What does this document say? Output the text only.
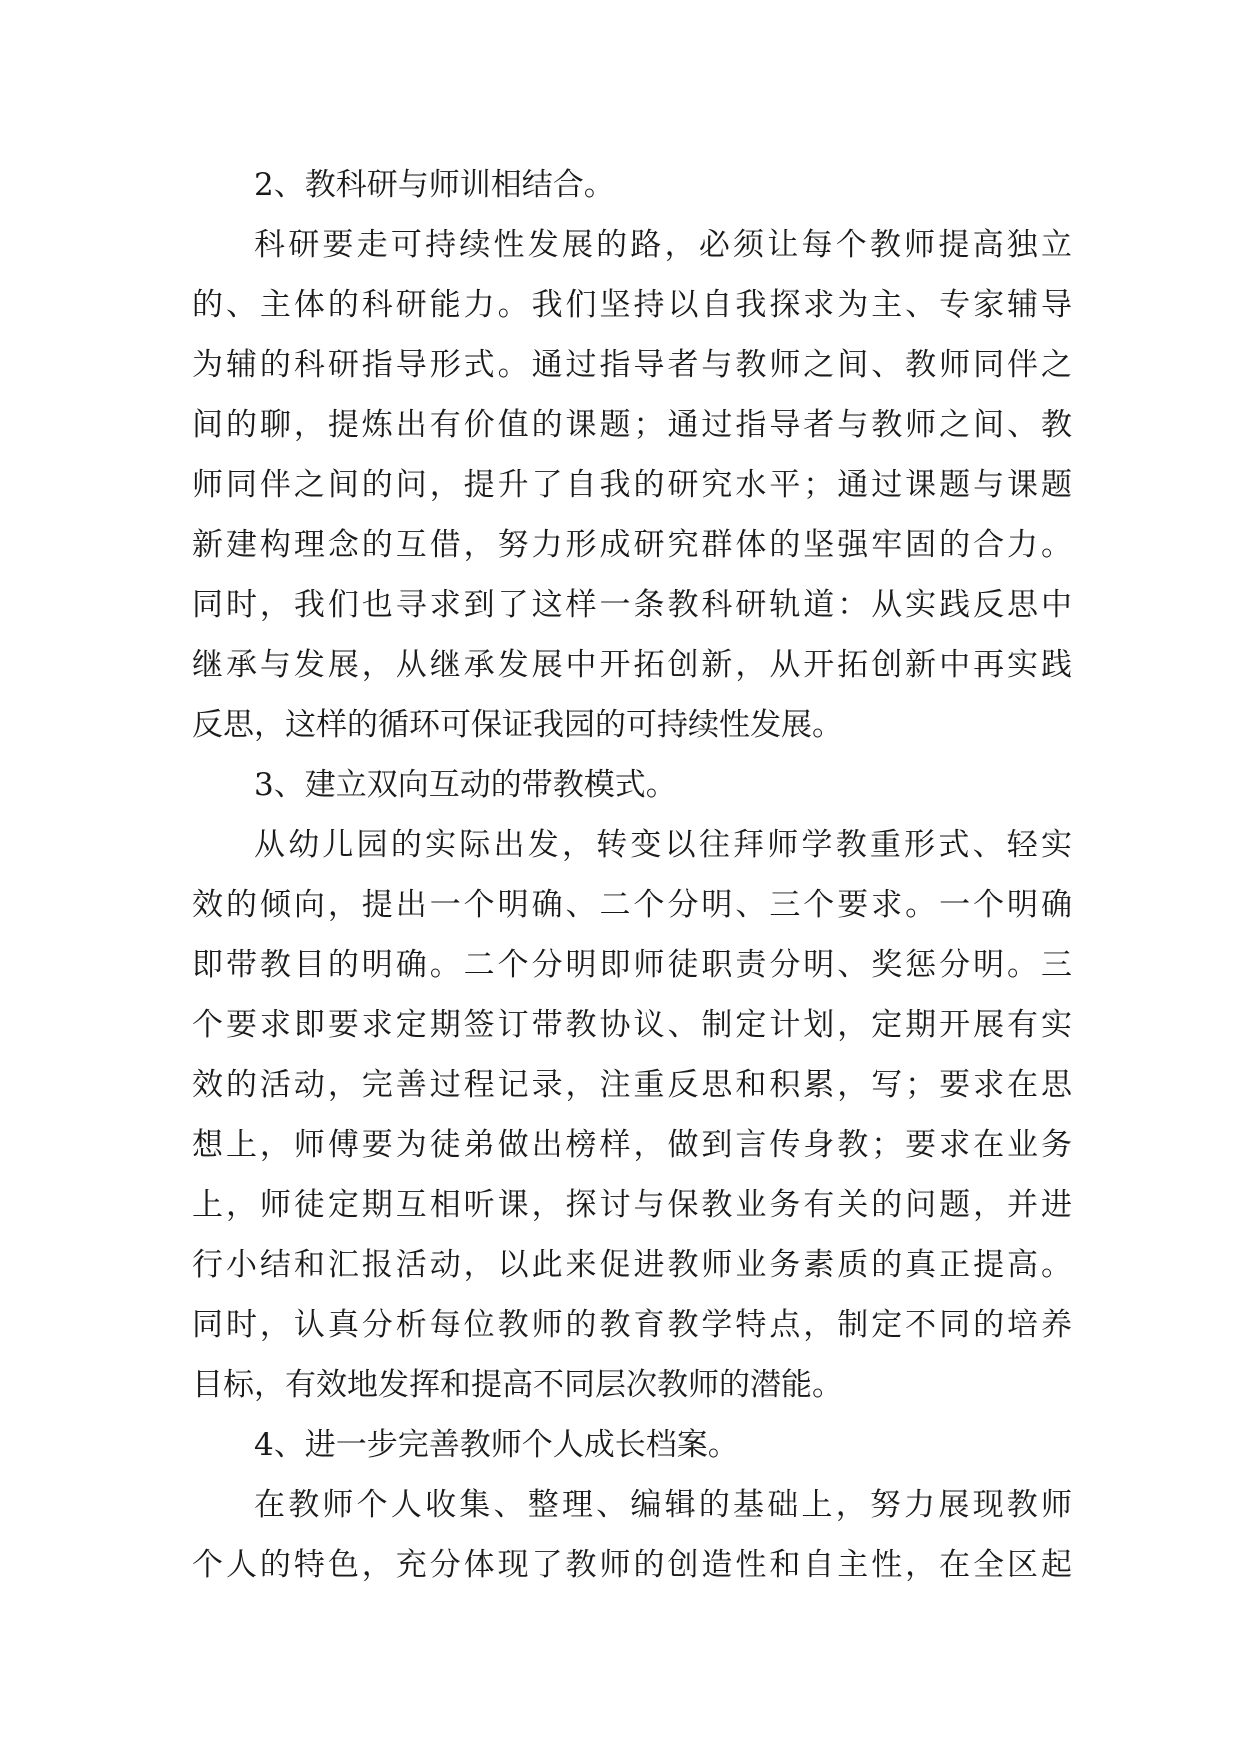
2、教科研与师训相结合。
科研要走可持续性发展的路，必须让每个教师提高独立
的、主体的科研能力。我们坚持以自我探求为主、专家辅导
为辅的科研指导形式。通过指导者与教师之间、教师同伴之
间的聊，提炼出有价值的课题；通过指导者与教师之间、教
师同伴之间的问，提升了自我的研究水平；通过课题与课题
新建构理念的互借，努力形成研究群体的坚强牢固的合力。
同时，我们也寻求到了这样一条教科研轨道：从实践反思中
继承与发展，从继承发展中开拓创新，从开拓创新中再实践
反思，这样的循环可保证我园的可持续性发展。
3、建立双向互动的带教模式。
从幼儿园的实际出发，转变以往拜师学教重形式、轻实
效的倾向，提出一个明确、二个分明、三个要求。一个明确
即带教目的明确。二个分明即师徒职责分明、奖惩分明。三
个要求即要求定期签订带教协议、制定计划，定期开展有实
效的活动，完善过程记录，注重反思和积累，写；要求在思
想上，师傅要为徒弟做出榜样，做到言传身教；要求在业务
上，师徒定期互相听课，探讨与保教业务有关的问题，并进
行小结和汇报活动，以此来促进教师业务素质的真正提高。
同时，认真分析每位教师的教育教学特点，制定不同的培养
目标，有效地发挥和提高不同层次教师的潜能。
4、进一步完善教师个人成长档案。
在教师个人收集、整理、编辑的基础上，努力展现教师
个人的特色，充分体现了教师的创造性和自主性，在全区起
